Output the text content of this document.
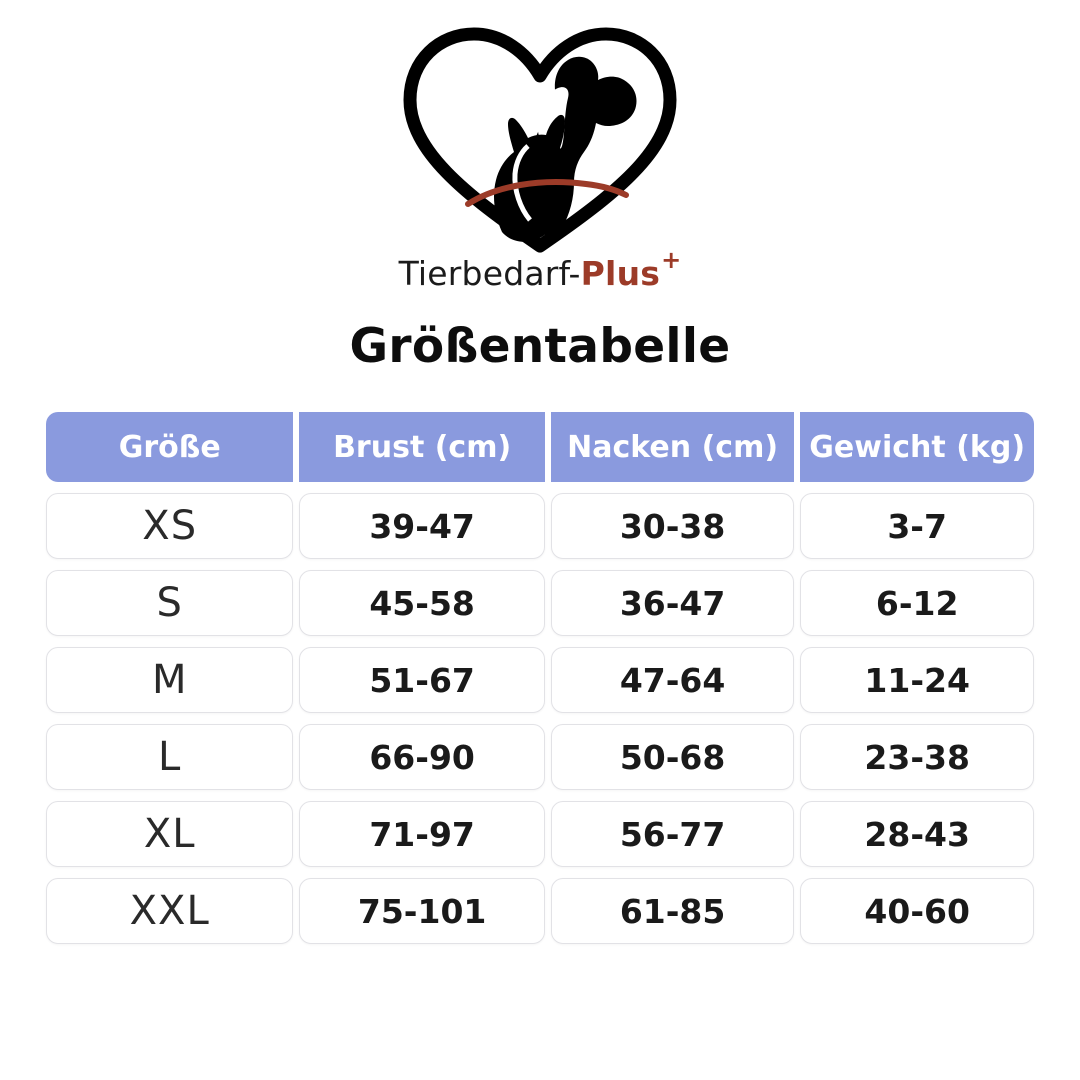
Tierbedarf- Plus +
Größentabelle
Größe	Brust (cm)	Nacken (cm)	Gewicht (kg)
XS	39-47	30-38	3-7
S	45-58	36-47	6-12
M	51-67	47-64	11-24
L	66-90	50-68	23-38
XL	71-97	56-77	28-43
XXL	75-101	61-85	40-60
